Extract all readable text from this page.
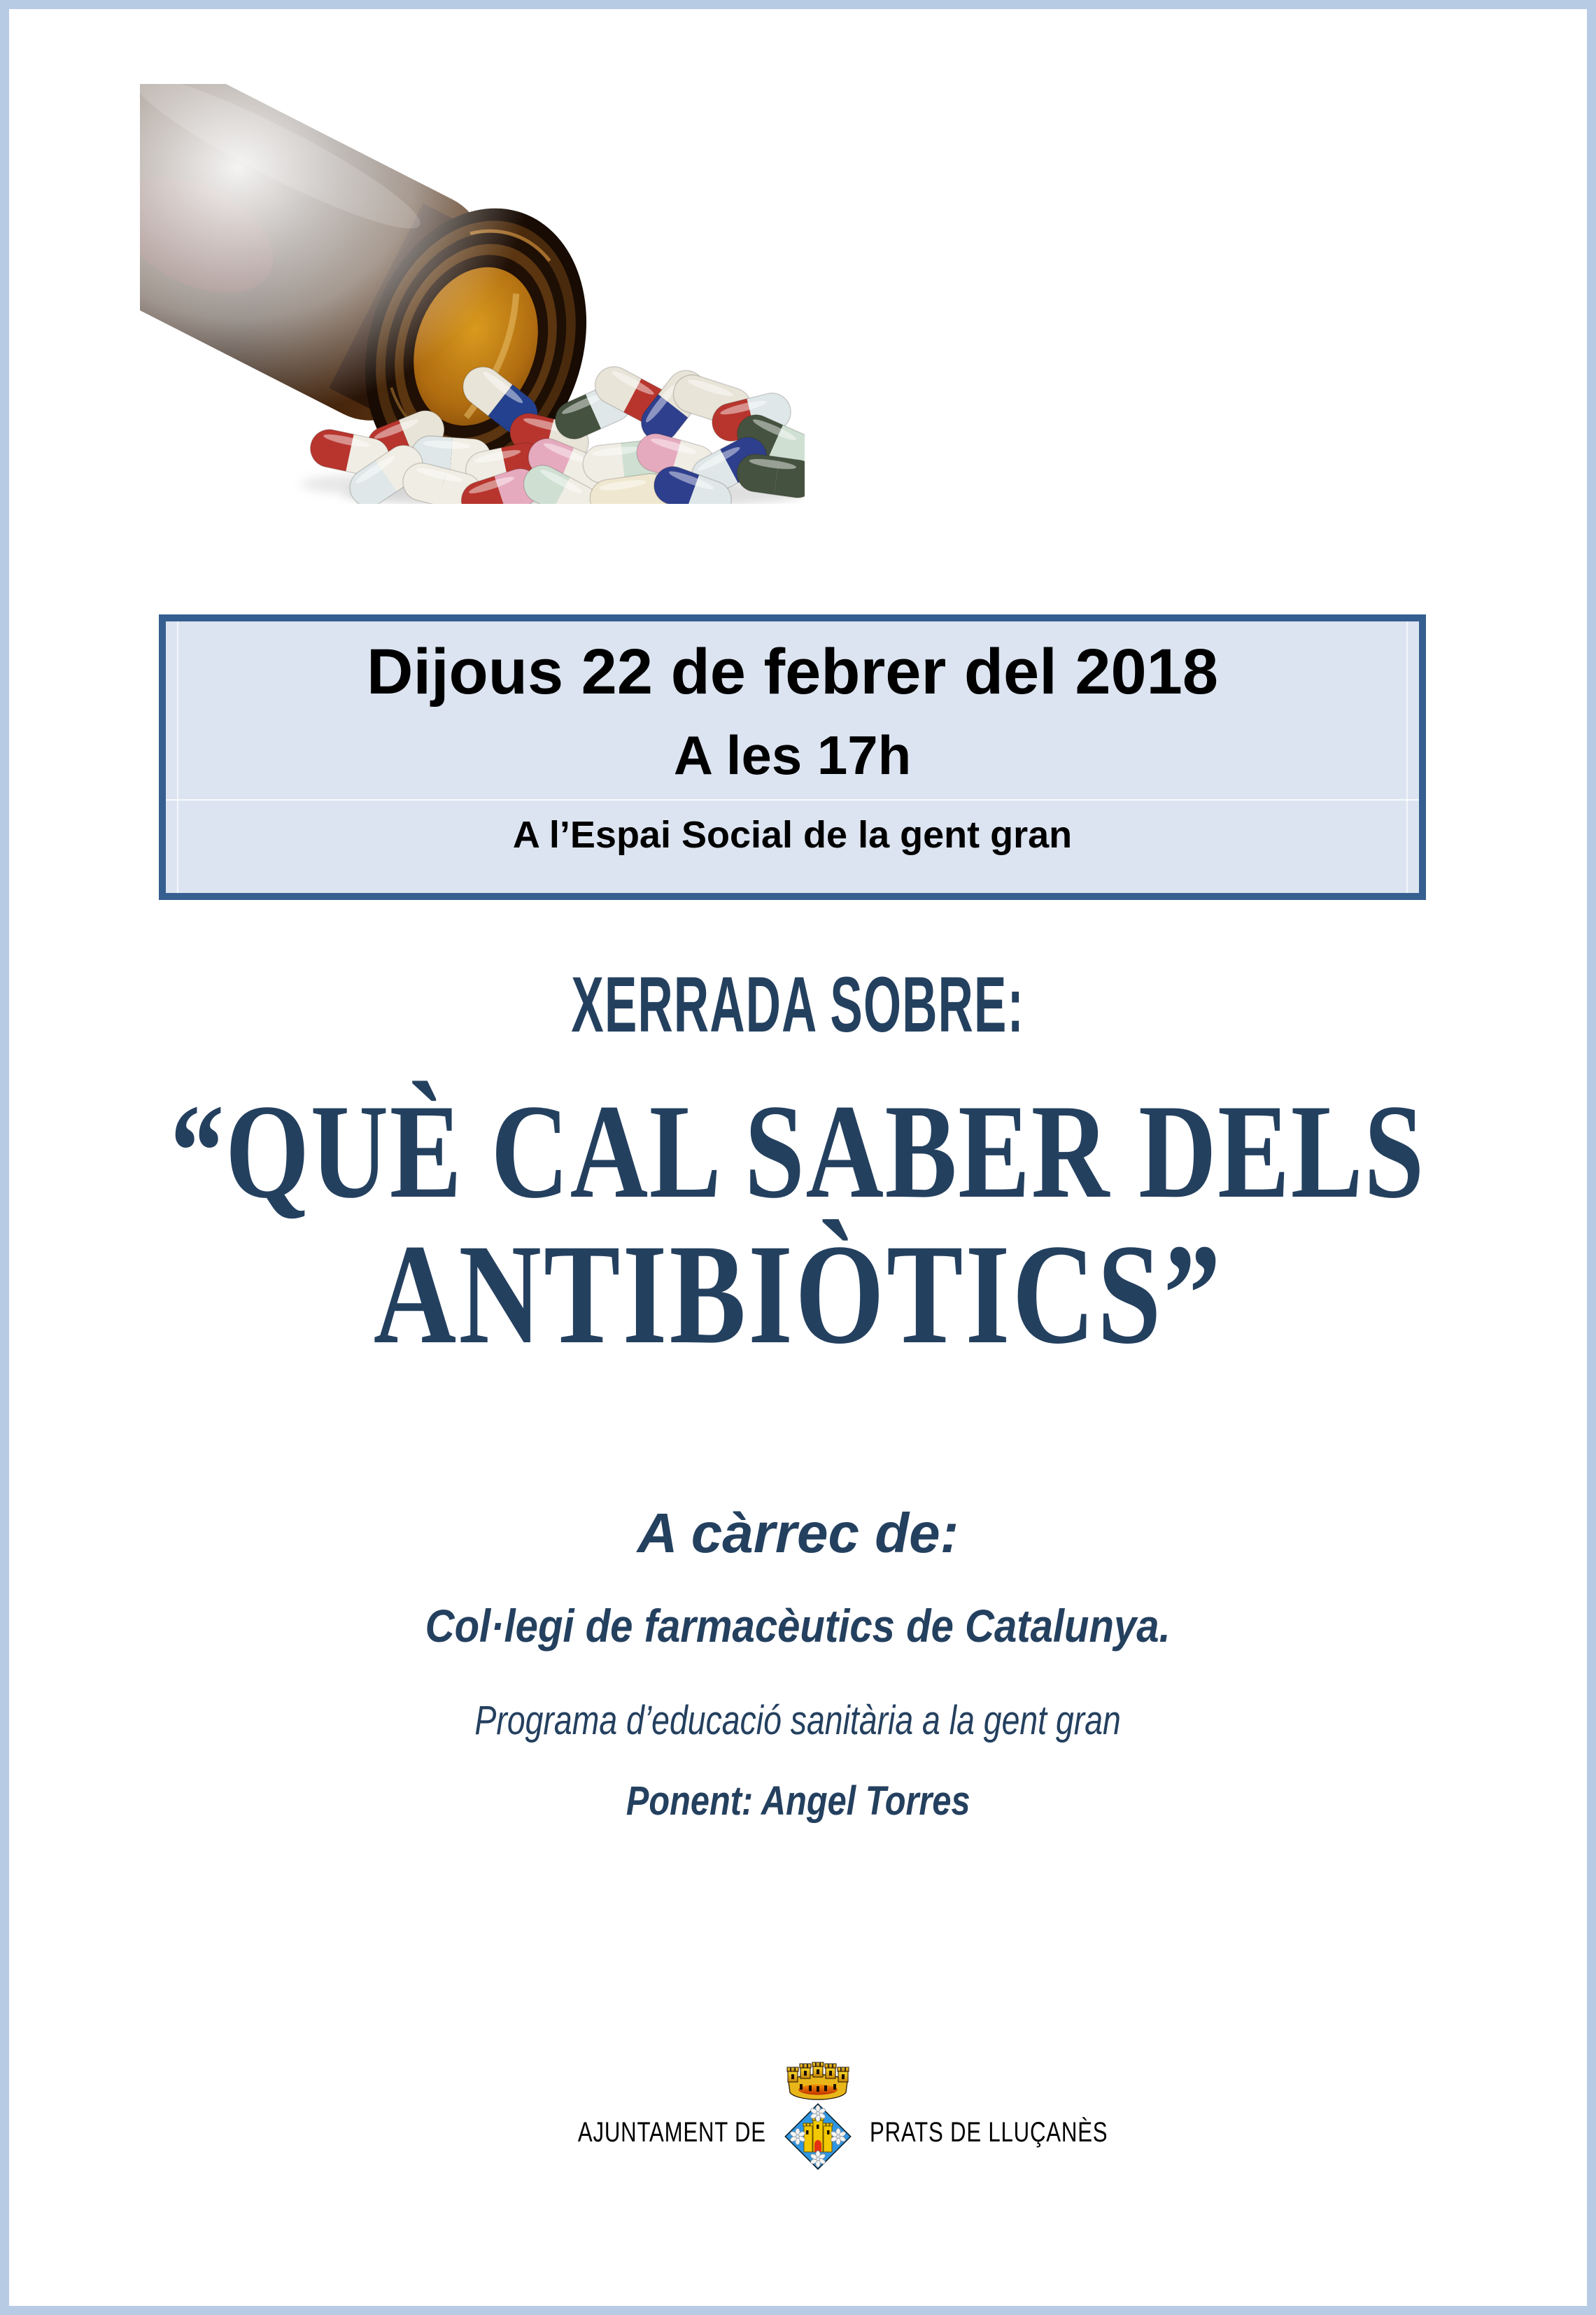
Dijous 22 de febrer del 2018
A les 17h
A l’Espai Social de la gent gran
XERRADA SOBRE:
“QUÈ CAL SABER DELS
ANTIBIÒTICS”
A càrrec de:
Col·legi de farmacèutics de Catalunya.
Programa d’educació sanitària a la gent gran
Ponent: Angel Torres
AJUNTAMENT DE	PRATS DE LLUÇANÈS
